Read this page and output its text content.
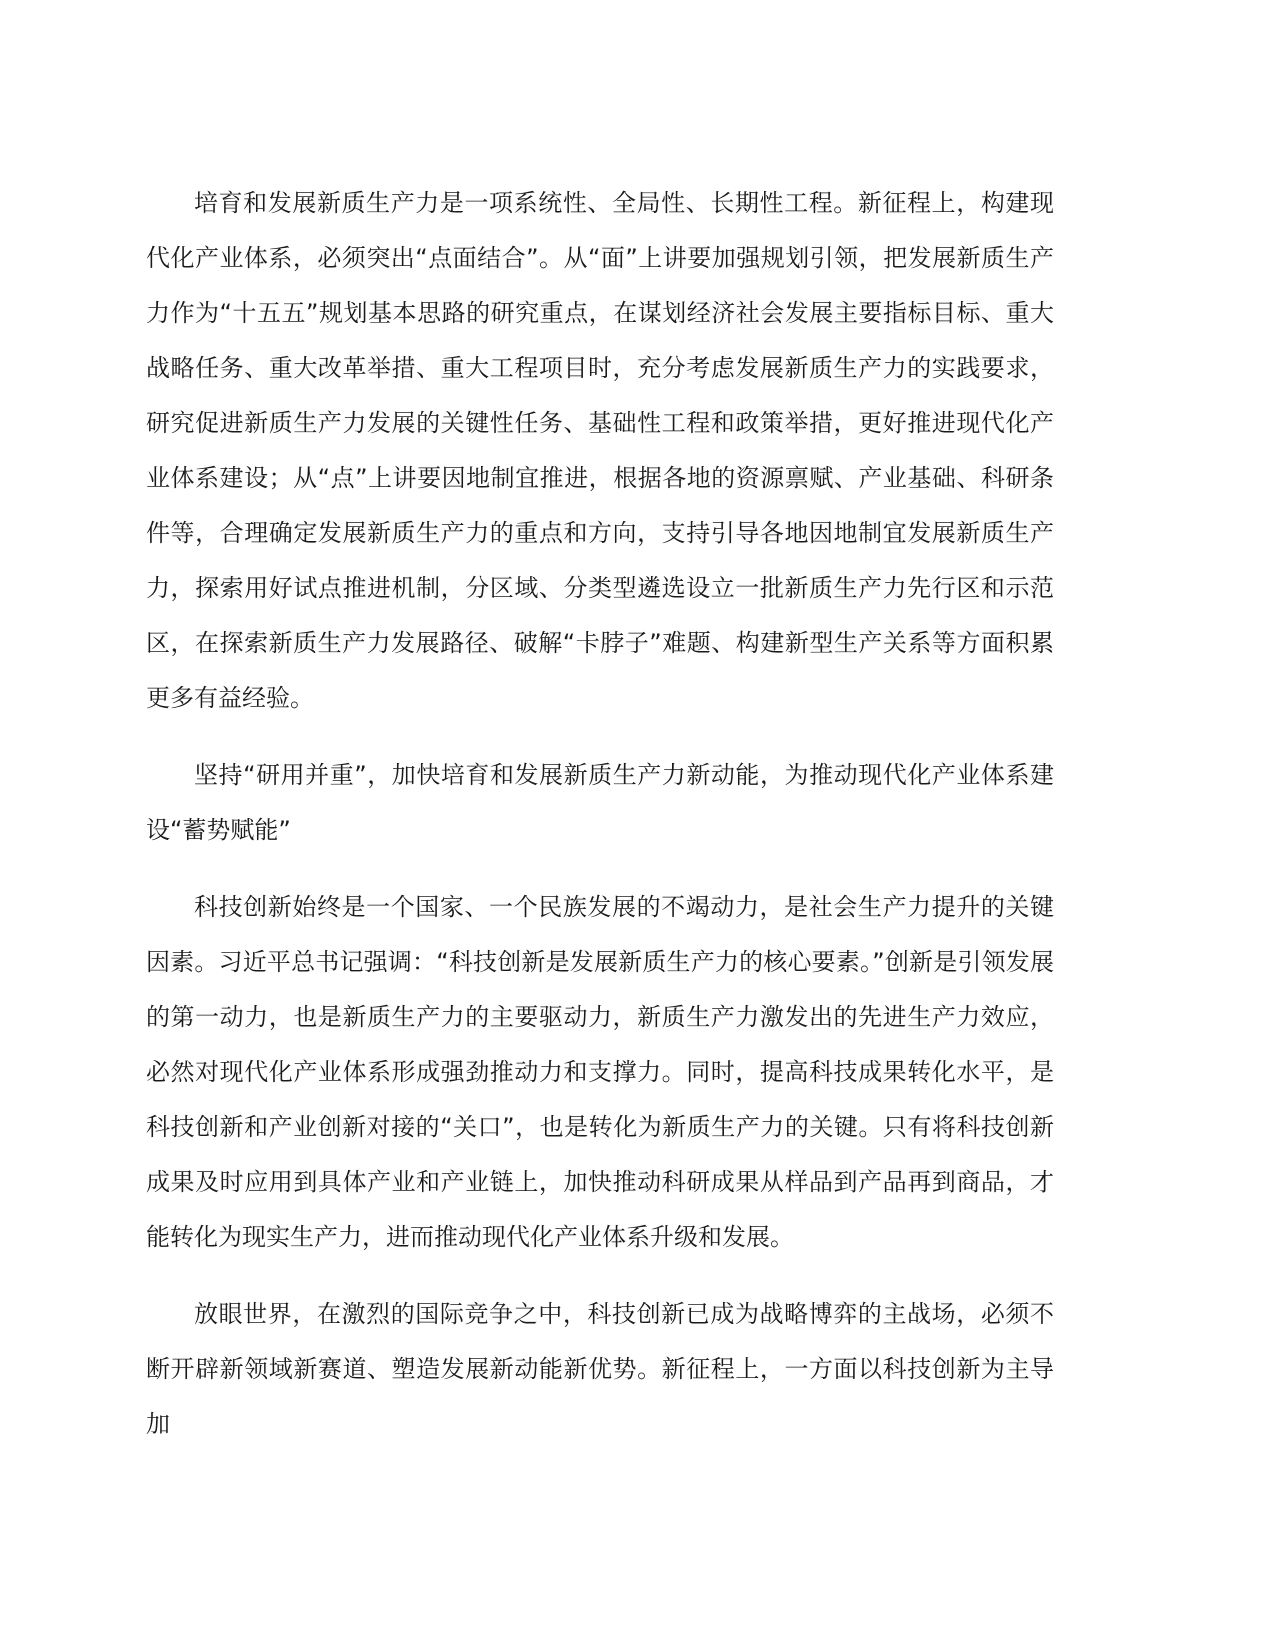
培育和发展新质生产力是一项系统性、全局性、长期性工程。新征程上，构建现代化产业体系，必须突出“点面结合”。从“面”上讲要加强规划引领，把发展新质生产力作为“十五五”规划基本思路的研究重点，在谋划经济社会发展主要指标目标、重大战略任务、重大改革举措、重大工程项目时，充分考虑发展新质生产力的实践要求，研究促进新质生产力发展的关键性任务、基础性工程和政策举措，更好推进现代化产业体系建设；从“点”上讲要因地制宜推进，根据各地的资源禀赋、产业基础、科研条件等，合理确定发展新质生产力的重点和方向，支持引导各地因地制宜发展新质生产力，探索用好试点推进机制，分区域、分类型遴选设立一批新质生产力先行区和示范区，在探索新质生产力发展路径、破解“卡脖子”难题、构建新型生产关系等方面积累更多有益经验。

坚持“研用并重”，加快培育和发展新质生产力新动能，为推动现代化产业体系建设“蓄势赋能”

科技创新始终是一个国家、一个民族发展的不竭动力，是社会生产力提升的关键因素。习近平总书记强调：“科技创新是发展新质生产力的核心要素。”创新是引领发展的第一动力，也是新质生产力的主要驱动力，新质生产力激发出的先进生产力效应，必然对现代化产业体系形成强劲推动力和支撑力。同时，提高科技成果转化水平，是科技创新和产业创新对接的“关口”，也是转化为新质生产力的关键。只有将科技创新成果及时应用到具体产业和产业链上，加快推动科研成果从样品到产品再到商品，才能转化为现实生产力，进而推动现代化产业体系升级和发展。

放眼世界，在激烈的国际竞争之中，科技创新已成为战略博弈的主战场，必须不断开辟新领域新赛道、塑造发展新动能新优势。新征程上，一方面以科技创新为主导加
